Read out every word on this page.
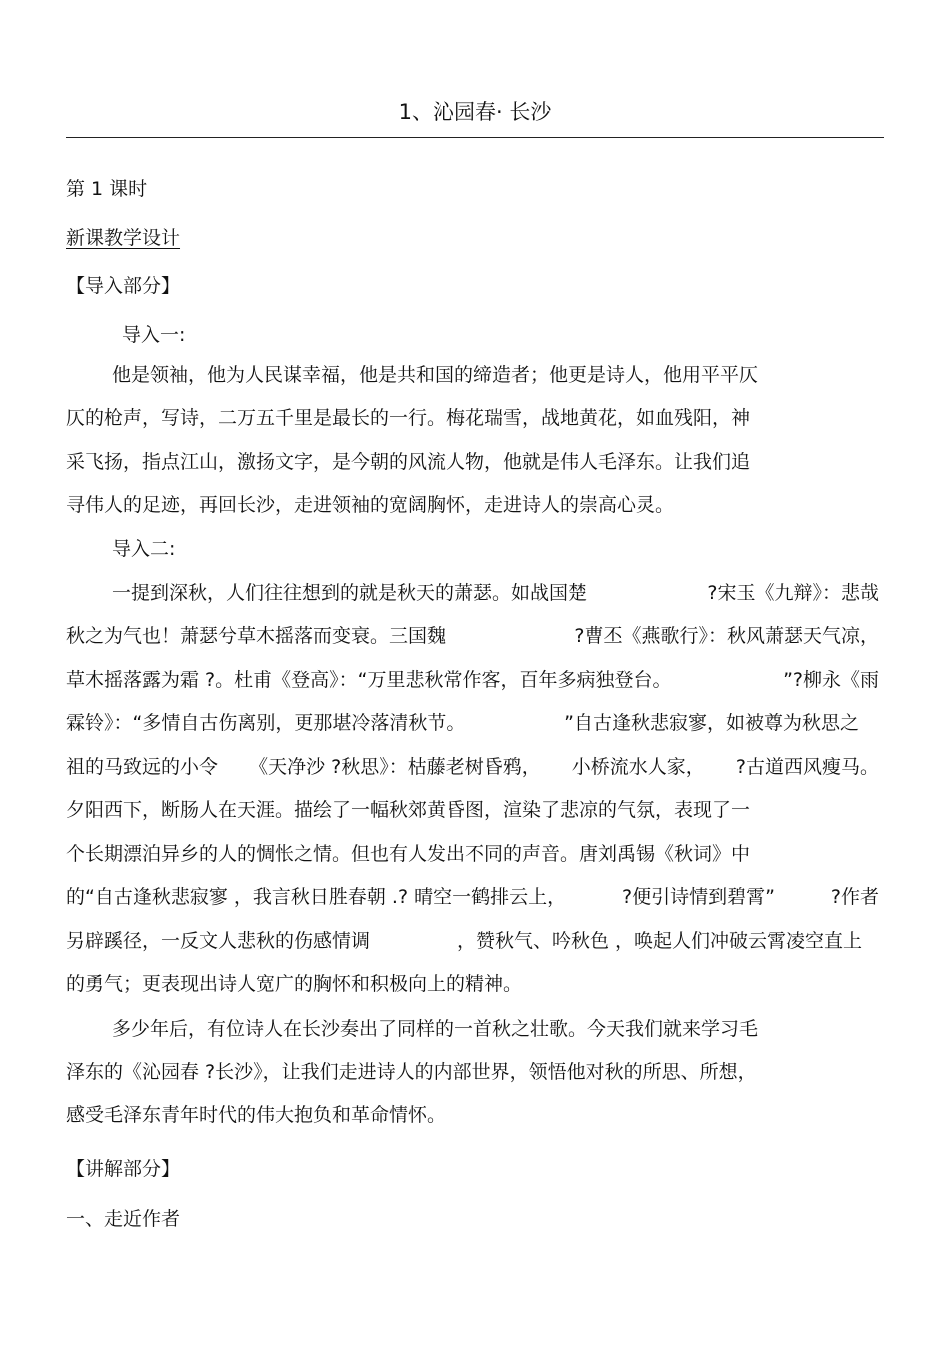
1、沁园春· 长沙
第 1 课时
新课教学设计
【导入部分】
导入一:
他是领袖，他为人民谋幸福，他是共和国的缔造者；他更是诗人，他用平平仄
仄的枪声，写诗，二万五千里是最长的一行。梅花瑞雪，战地黄花，如血残阳，神
采飞扬，指点江山，激扬文字，是今朝的风流人物，他就是伟人毛泽东。让我们追
寻伟人的足迹，再回长沙，走进领袖的宽阔胸怀，走进诗人的崇高心灵。
导入二:
一提到深秋，人们往往想到的就是秋天的萧瑟。如战国楚	?宋玉《九辩》：悲哉
秋之为气也！萧瑟兮草木摇落而变衰。三国魏	?曹丕《燕歌行》：秋风萧瑟天气凉，
草木摇落露为霜 ?。杜甫《登高》：“万里悲秋常作客，百年多病独登台。	”?柳永《雨
霖铃》：“多情自古伤离别，更那堪冷落清秋节。	”自古逢秋悲寂寥，如被尊为秋思之
祖的马致远的小令 《天净沙 ?秋思》：枯藤老树昏鸦， 小桥流水人家， ?古道西风瘦马。
夕阳西下，断肠人在天涯。描绘了一幅秋郊黄昏图，渲染了悲凉的气氛，表现了一
个长期漂泊异乡的人的惆怅之情。但也有人发出不同的声音。唐刘禹锡《秋词》中
的“自古逢秋悲寂寥 ，我言秋日胜春朝 .? 晴空一鹤排云上，	?便引诗情到碧霄”	?作者
另辟蹊径，一反文人悲秋的伤感情调	，赞秋气、吟秋色 ，唤起人们冲破云霄凌空直上
的勇气；更表现出诗人宽广的胸怀和积极向上的精神。
多少年后，有位诗人在长沙奏出了同样的一首秋之壮歌。今天我们就来学习毛
泽东的《沁园春 ?长沙》，让我们走进诗人的内部世界，领悟他对秋的所思、所想，
感受毛泽东青年时代的伟大抱负和革命情怀。
【讲解部分】
一、走近作者
